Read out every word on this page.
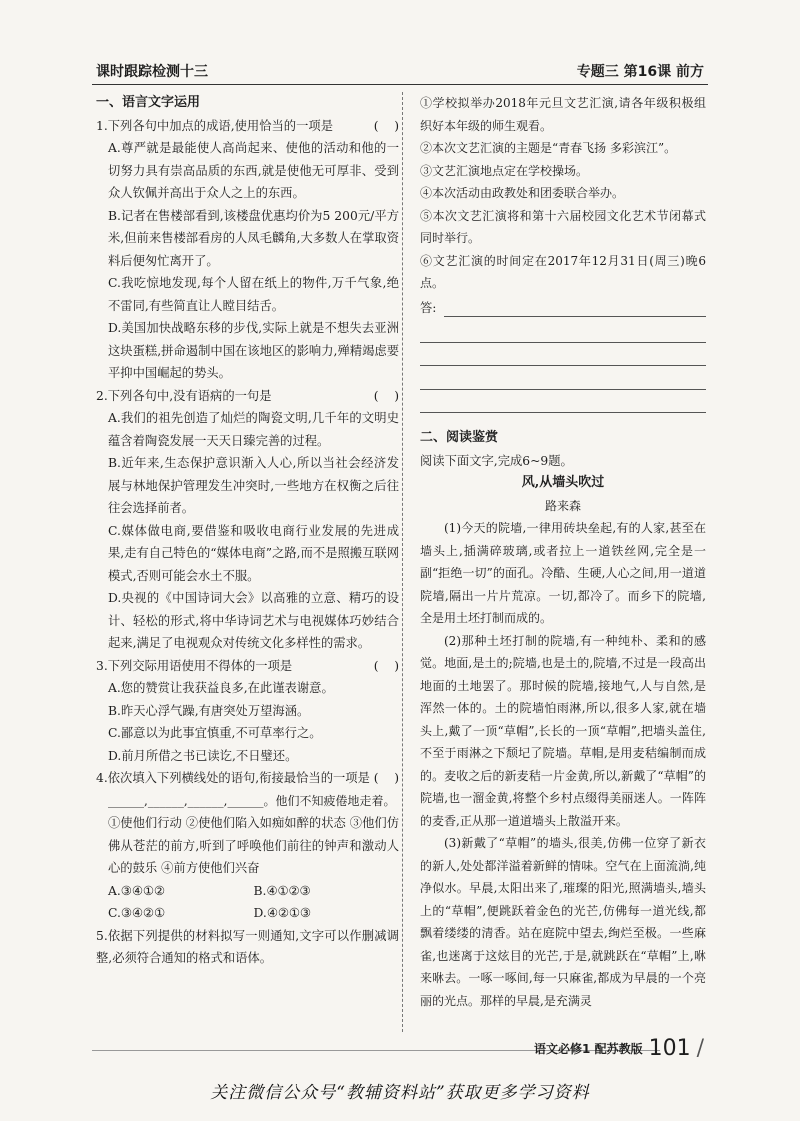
课时跟踪检测十三	专题三 第16课 前方

一、语言文字运用

1.下列各句中加点的成语,使用恰当的一项是	(    )

A.尊严就是最能使人高尚起来、使他的活动和他的一切努力具有崇高品质的东西,就是使他无可厚非、受到众人钦佩并高出于众人之上的东西。

B.记者在售楼部看到,该楼盘优惠均价为5 200元/平方米,但前来售楼部看房的人凤毛麟角,大多数人在掌取资料后便匆忙离开了。

C.我吃惊地发现,每个人留在纸上的物件,万千气象,绝不雷同,有些简直让人瞠目结舌。

D.美国加快战略东移的步伐,实际上就是不想失去亚洲这块蛋糕,拼命遏制中国在该地区的影响力,殚精竭虑要平抑中国崛起的势头。

2.下列各句中,没有语病的一句是	(    )

A.我们的祖先创造了灿烂的陶瓷文明,几千年的文明史蕴含着陶瓷发展一天天日臻完善的过程。

B.近年来,生态保护意识渐入人心,所以当社会经济发展与林地保护管理发生冲突时,一些地方在权衡之后往往会选择前者。

C.媒体做电商,要借鉴和吸收电商行业发展的先进成果,走有自己特色的“媒体电商”之路,而不是照搬互联网模式,否则可能会水土不服。

D.央视的《中国诗词大会》以高雅的立意、精巧的设计、轻松的形式,将中华诗词艺术与电视媒体巧妙结合起来,满足了电视观众对传统文化多样性的需求。

3.下列交际用语使用不得体的一项是	(    )

A.您的赞赏让我获益良多,在此谨表谢意。

B.昨天心浮气躁,有唐突处万望海涵。

C.鄙意以为此事宜慎重,不可草率行之。

D.前月所借之书已读讫,不日璧还。

4.依次填入下列横线处的语句,衔接最恰当的一项是 (    )

______,______,______,______。他们不知疲倦地走着。

①使他们行动 ②使他们陷入如痴如醉的状态 ③他们仿佛从苍茫的前方,听到了呼唤他们前往的钟声和激动人心的鼓乐 ④前方使他们兴奋

A.③④①②	B.④①②③
C.③④②①	D.④②①③

5.依据下列提供的材料拟写一则通知,文字可以作删减调整,必须符合通知的格式和语体。

①学校拟举办2018年元旦文艺汇演,请各年级积极组织好本年级的师生观看。

②本次文艺汇演的主题是“青春飞扬 多彩滨江”。

③文艺汇演地点定在学校操场。

④本次活动由政教处和团委联合举办。

⑤本次文艺汇演将和第十六届校园文化艺术节闭幕式同时举行。

⑥文艺汇演的时间定在2017年12月31日(周三)晚6点。

答:

二、阅读鉴赏

阅读下面文字,完成6~9题。

风,从墙头吹过

路来森

(1)今天的院墙,一律用砖块垒起,有的人家,甚至在墙头上,插满碎玻璃,或者拉上一道铁丝网,完全是一副“拒绝一切”的面孔。冷酷、生硬,人心之间,用一道道院墙,隔出一片片荒凉。一切,都冷了。而乡下的院墙,全是用土坯打制而成的。

(2)那种土坯打制的院墙,有一种纯朴、柔和的感觉。地面,是土的;院墙,也是土的,院墙,不过是一段高出地面的土地罢了。那时候的院墙,接地气,人与自然,是浑然一体的。土的院墙怕雨淋,所以,很多人家,就在墙头上,戴了一顶“草帽”,长长的一顶“草帽”,把墙头盖住,不至于雨淋之下颓圮了院墙。草帽,是用麦秸编制而成的。麦收之后的新麦秸一片金黄,所以,新戴了“草帽”的院墙,也一溜金黄,将整个乡村点缀得美丽迷人。一阵阵的麦香,正从那一道道墙头上散溢开来。

(3)新戴了“草帽”的墙头,很美,仿佛一位穿了新衣的新人,处处都洋溢着新鲜的情味。空气在上面流淌,纯净似水。早晨,太阳出来了,璀璨的阳光,照满墙头,墙头上的“草帽”,便跳跃着金色的光芒,仿佛每一道光线,都飘着缕缕的清香。站在庭院中望去,绚烂至极。一些麻雀,也迷离于这炫目的光芒,于是,就跳跃在“草帽”上,咻来咻去。一啄一啄间,每一只麻雀,都成为早晨的一个亮丽的光点。那样的早晨,是充满灵

语文必修1 配苏教版 101 /
关注微信公众号“教辅资料站”获取更多学习资料
